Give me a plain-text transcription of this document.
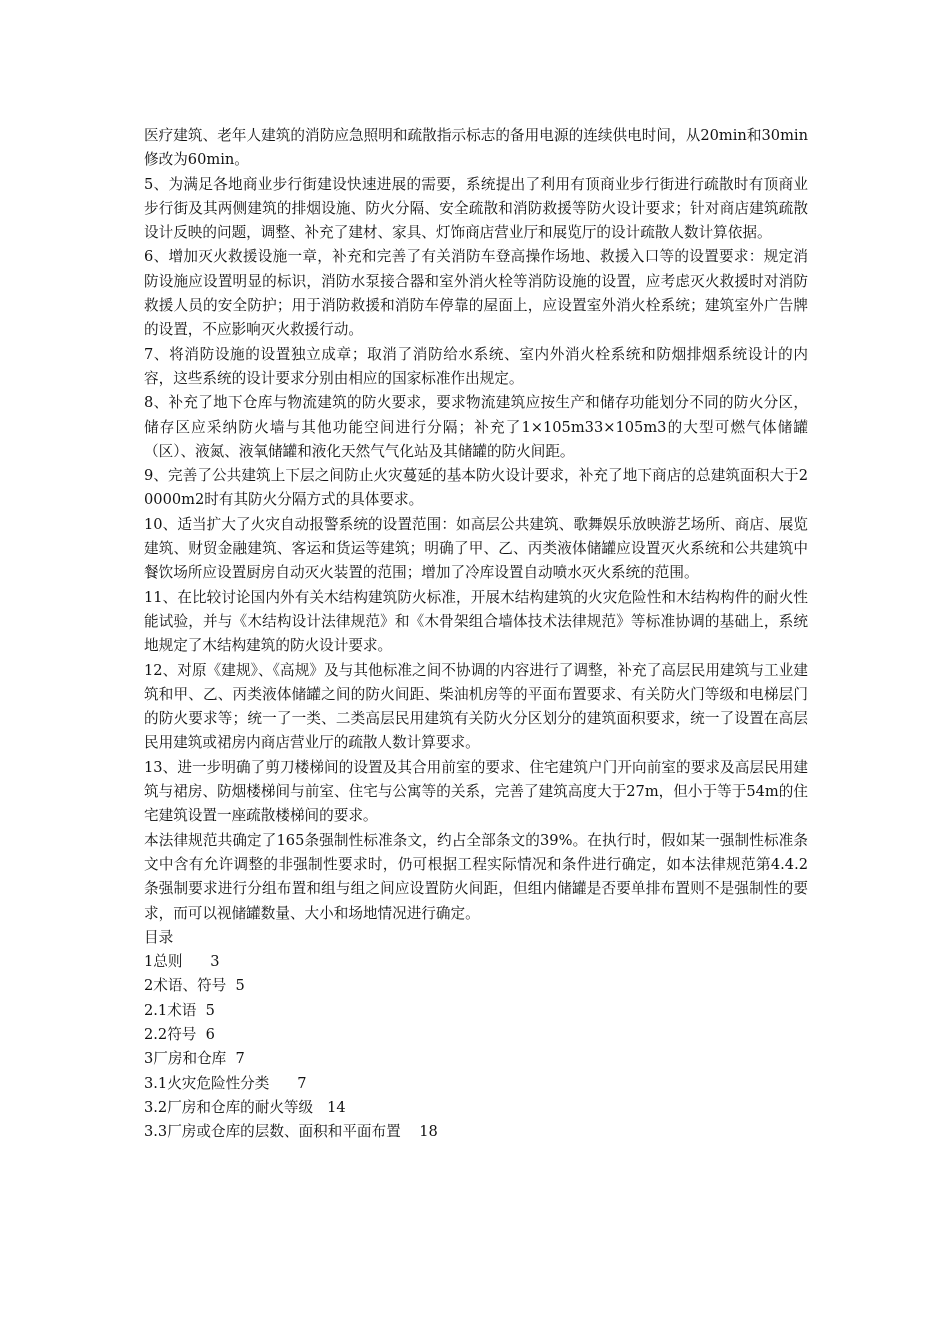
医疗建筑、老年人建筑的消防应急照明和疏散指示标志的备用电源的连续供电时间，从20min和30min修改为60min。

5、为满足各地商业步行街建设快速进展的需要，系统提出了利用有顶商业步行街进行疏散时有顶商业步行街及其两侧建筑的排烟设施、防火分隔、安全疏散和消防救援等防火设计要求；针对商店建筑疏散设计反映的问题，调整、补充了建材、家具、灯饰商店营业厅和展览厅的设计疏散人数计算依据。

6、增加灭火救援设施一章，补充和完善了有关消防车登高操作场地、救援入口等的设置要求：规定消防设施应设置明显的标识，消防水泵接合器和室外消火栓等消防设施的设置，应考虑灭火救援时对消防救援人员的安全防护；用于消防救援和消防车停靠的屋面上，应设置室外消火栓系统；建筑室外广告牌的设置，不应影响灭火救援行动。

7、将消防设施的设置独立成章；取消了消防给水系统、室内外消火栓系统和防烟排烟系统设计的内容，这些系统的设计要求分别由相应的国家标准作出规定。

8、补充了地下仓库与物流建筑的防火要求，要求物流建筑应按生产和储存功能划分不同的防火分区，储存区应采纳防火墙与其他功能空间进行分隔；补充了1×105m33×105m3的大型可燃气体储罐（区）、液氮、液氧储罐和液化天然气气化站及其储罐的防火间距。

9、完善了公共建筑上下层之间防止火灾蔓延的基本防火设计要求，补充了地下商店的总建筑面积大于20000m2时有其防火分隔方式的具体要求。

10、适当扩大了火灾自动报警系统的设置范围：如高层公共建筑、歌舞娱乐放映游艺场所、商店、展览建筑、财贸金融建筑、客运和货运等建筑；明确了甲、乙、丙类液体储罐应设置灭火系统和公共建筑中餐饮场所应设置厨房自动灭火装置的范围；增加了冷库设置自动喷水灭火系统的范围。

11、在比较讨论国内外有关木结构建筑防火标准，开展木结构建筑的火灾危险性和木结构构件的耐火性能试验，并与《木结构设计法律规范》和《木骨架组合墙体技术法律规范》等标准协调的基础上，系统地规定了木结构建筑的防火设计要求。

12、对原《建规》、《高规》及与其他标准之间不协调的内容进行了调整，补充了高层民用建筑与工业建筑和甲、乙、丙类液体储罐之间的防火间距、柴油机房等的平面布置要求、有关防火门等级和电梯层门的防火要求等；统一了一类、二类高层民用建筑有关防火分区划分的建筑面积要求，统一了设置在高层民用建筑或裙房内商店营业厅的疏散人数计算要求。

13、进一步明确了剪刀楼梯间的设置及其合用前室的要求、住宅建筑户门开向前室的要求及高层民用建筑与裙房、防烟楼梯间与前室、住宅与公寓等的关系，完善了建筑高度大于27m，但小于等于54m的住宅建筑设置一座疏散楼梯间的要求。

本法律规范共确定了165条强制性标准条文，约占全部条文的39%。在执行时，假如某一强制性标准条文中含有允许调整的非强制性要求时，仍可根据工程实际情况和条件进行确定，如本法律规范第4.4.2条强制要求进行分组布置和组与组之间应设置防火间距，但组内储罐是否要单排布置则不是强制性的要求，而可以视储罐数量、大小和场地情况进行确定。

目录

1总则      3

2术语、符号  5

2.1术语  5

2.2符号  6

3厂房和仓库  7

3.1火灾危险性分类      7

3.2厂房和仓库的耐火等级   14

3.3厂房或仓库的层数、面积和平面布置    18
